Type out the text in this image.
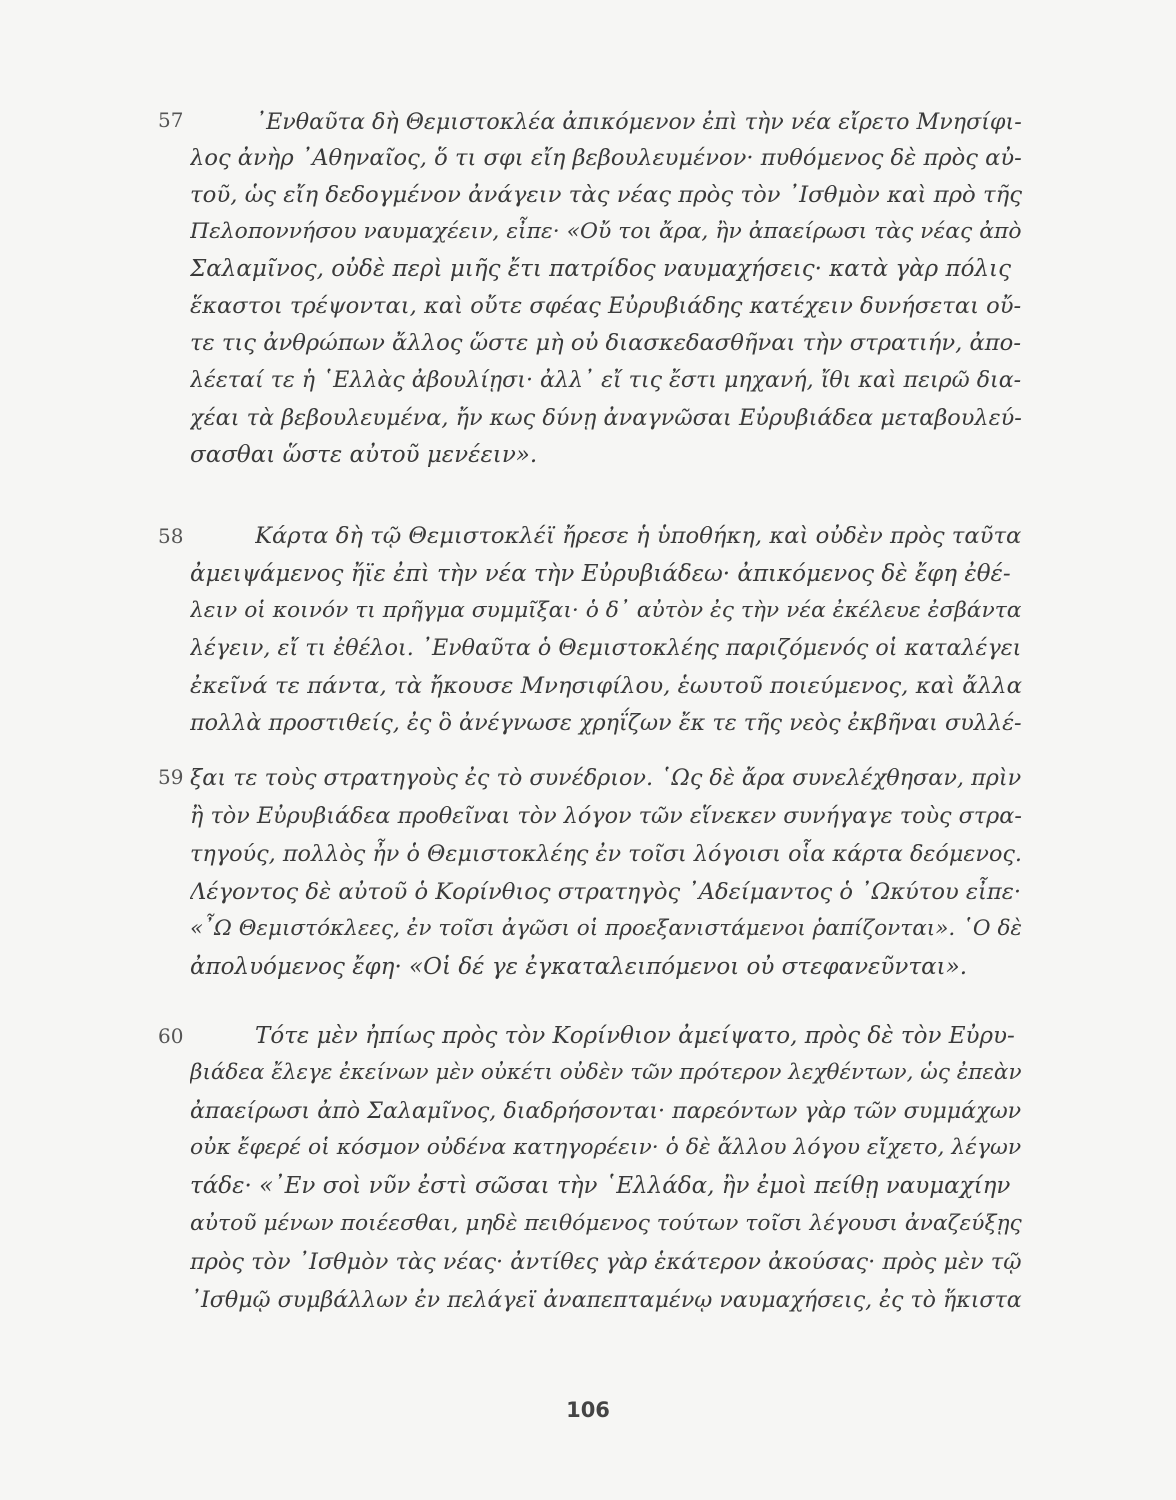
57	᾿Ενθαῦτα δὴ Θεμιστοκλέα ἀπικόμενον ἐπὶ τὴν νέα εἴρετο Μνησίφι-
λος ἀνὴρ ᾿Αθηναῖος, ὅ τι σφι εἴη βεβουλευμένον· πυθόμενος δὲ πρὸς αὐ-
τοῦ, ὡς εἴη δεδογμένον ἀνάγειν τὰς νέας πρὸς τὸν ᾿Ισθμὸν καὶ πρὸ τῆς
Πελοποννήσου ναυμαχέειν, εἶπε· «Οὔ τοι ἄρα, ἢν ἀπαείρωσι τὰς νέας ἀπὸ
Σαλαμῖνος, οὐδὲ περὶ μιῆς ἔτι πατρίδος ναυμαχήσεις· κατὰ γὰρ πόλις
ἕκαστοι τρέψονται, καὶ οὔτε σφέας Εὐρυβιάδης κατέχειν δυνήσεται οὔ-
τε τις ἀνθρώπων ἄλλος ὥστε μὴ οὐ διασκεδασθῆναι τὴν στρατιήν, ἀπο-
λέεταί τε ἡ ῾Ελλὰς ἀβουλίῃσι· ἀλλ᾽ εἴ τις ἔστι μηχανή, ἴθι καὶ πειρῶ δια-
χέαι τὰ βεβουλευμένα, ἤν κως δύνῃ ἀναγνῶσαι Εὐρυβιάδεα μεταβουλεύ-
σασθαι ὥστε αὐτοῦ μενέειν».
58	Κάρτα δὴ τῷ Θεμιστοκλέϊ ἤρεσε ἡ ὑποθήκη, καὶ οὐδὲν πρὸς ταῦτα
ἀμειψάμενος ἤϊε ἐπὶ τὴν νέα τὴν Εὐρυβιάδεω· ἀπικόμενος δὲ ἔφη ἐθέ-
λειν οἱ κοινόν τι πρῆγμα συμμῖξαι· ὁ δ᾽ αὐτὸν ἐς τὴν νέα ἐκέλευε ἐσβάντα
λέγειν, εἴ τι ἐθέλοι. ᾿Ενθαῦτα ὁ Θεμιστοκλέης παριζόμενός οἱ καταλέγει
ἐκεῖνά τε πάντα, τὰ ἤκουσε Μνησιφίλου, ἑωυτοῦ ποιεύμενος, καὶ ἄλλα
πολλὰ προστιθείς, ἐς ὃ ἀνέγνωσε χρηΐζων ἔκ τε τῆς νεὸς ἐκβῆναι συλλέ-
59 ξαι τε τοὺς στρατηγοὺς ἐς τὸ συνέδριον. ῾Ως δὲ ἄρα συνελέχθησαν, πρὶν
ἢ τὸν Εὐρυβιάδεα προθεῖναι τὸν λόγον τῶν εἵνεκεν συνήγαγε τοὺς στρα-
τηγούς, πολλὸς ἦν ὁ Θεμιστοκλέης ἐν τοῖσι λόγοισι οἷα κάρτα δεόμενος.
Λέγοντος δὲ αὐτοῦ ὁ Κορίνθιος στρατηγὸς ᾿Αδείμαντος ὁ ᾿Ωκύτου εἶπε·
«῏Ω Θεμιστόκλεες, ἐν τοῖσι ἀγῶσι οἱ προεξανιστάμενοι ῥαπίζονται». ῾Ο δὲ
ἀπολυόμενος ἔφη· «Οἱ δέ γε ἐγκαταλειπόμενοι οὐ στεφανεῦνται».
60	Τότε μὲν ἠπίως πρὸς τὸν Κορίνθιον ἀμείψατο, πρὸς δὲ τὸν Εὐρυ-
βιάδεα ἔλεγε ἐκείνων μὲν οὐκέτι οὐδὲν τῶν πρότερον λεχθέντων, ὡς ἐπεὰν
ἀπαείρωσι ἀπὸ Σαλαμῖνος, διαδρήσονται· παρεόντων γὰρ τῶν συμμάχων
οὐκ ἔφερέ οἱ κόσμον οὐδένα κατηγορέειν· ὁ δὲ ἄλλου λόγου εἴχετο, λέγων
τάδε· «᾿Εν σοὶ νῦν ἐστὶ σῶσαι τὴν ῾Ελλάδα, ἢν ἐμοὶ πείθῃ ναυμαχίην
αὐτοῦ μένων ποιέεσθαι, μηδὲ πειθόμενος τούτων τοῖσι λέγουσι ἀναζεύξῃς
πρὸς τὸν ᾿Ισθμὸν τὰς νέας· ἀντίθες γὰρ ἑκάτερον ἀκούσας· πρὸς μὲν τῷ
᾿Ισθμῷ συμβάλλων ἐν πελάγεϊ ἀναπεπταμένῳ ναυμαχήσεις, ἐς τὸ ἥκιστα
106
